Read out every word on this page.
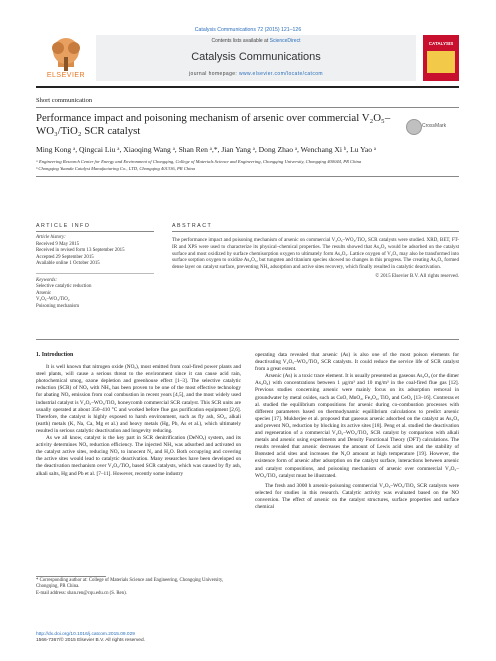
Catalysis Communications 72 (2015) 121–126
ELSEVIER
Contents lists available at ScienceDirect
Catalysis Communications
journal homepage: www.elsevier.com/locate/catcom
CATALYSIS
Short communication
Performance impact and poisoning mechanism of arsenic over commercial V₂O₅–WO₃/TiO₂ SCR catalyst	CrossMark
Ming Kong ᵃ, Qingcai Liu ᵃ, Xiaoqing Wang ᵃ, Shan Ren ᵃ,*, Jian Yang ᵃ, Dong Zhao ᵃ, Wenchang Xi ᵇ, Lu Yao ᵃ
ᵃ Engineering Research Center for Energy and Environment of Chongqing, College of Materials Science and Engineering, Chongqing University, Chongqing 400044, PR China
ᵇ Chongqing Yuanda Catalyst Manufacturing Co., LTD, Chongqing 401336, PR China
ARTICLE INFO	ABSTRACT

Article history:

Received 9 May 2015

Received in revised form 13 September 2015

Accepted 29 September 2015

Available online 1 October 2015

Keywords:

Selective catalytic reduction

Arsenic

V₂O₅–WO₃/TiO₂

Poisoning mechanism

The performance impact and poisoning mechanism of arsenic on commercial V₂O₅–WO₃/TiO₂ SCR catalysts were studied. XRD, BET, FT-IR and XPS were used to characterize its physical–chemical properties. The results showed that As₂O₃ would be adsorbed on the catalyst surface and most oxidized by surface chemisorption oxygen to ultimately form As₂O₅. Lattice oxygen of V₂O₅ may also be transformed into surface sorption oxygen to oxidize As₂O₃, but tungsten and titanium species showed no changes in this progress. The creating As₂O₅ formed dense layer on catalyst surface, preventing NH₃ adsorption and active sites recovery, which finally resulted in catalytic deactivation.

© 2015 Elsevier B.V. All rights reserved.

1. Introduction

It is well known that nitrogen oxide (NOₓ), most emitted from coal-fired power plants and steel plants, will cause a serious threat to the environment since it can cause acid rain, photochemical smog, ozone depletion and greenhouse effect [1–3]. The selective catalytic reduction (SCR) of NOₓ with NH₃ has been proven to be one of the most effective technology for abating NOₓ emission from coal combustion in recent years [4,5], and the most widely used industrial catalyst is V₂O₅–WO₃/TiO₂ honeycomb commercial SCR catalyst. This SCR units are usually operated at about 350–410 °C and worked before flue gas purification equipment [2,6]. Therefore, the catalyst is highly exposed to harsh environment, such as fly ash, SO₂, alkali (earth) metals (K, Na, Ca, Mg et al.) and heavy metals (Hg, Pb, As et al.), which ultimately resulted in serious catalytic deactivation and longevity reducing.

As we all know, catalyst is the key part in SCR denitrification (DeNOₓ) system, and its activity determines NOₓ reduction efficiency. The injected NH₃ was adsorbed and activated on the catalyst active sites, reducing NOₓ to innocent N₂ and H₂O. Both occupying and covering the active sites would lead to catalytic deactivation. Many researches have been developed on the deactivation mechanism over V₂O₅/TiO₂ based SCR catalysts, which was caused by fly ash, alkali salts, Hg and Pb et al. [7–11]. However, recently some industry

operating data revealed that arsenic (As) is also one of the most poison elements for deactivating V₂O₅–WO₃/TiO₂ SCR catalysts. It could reduce the service life of SCR catalyst from a great extent.

Arsenic (As) is a toxic trace element. It is usually presented as gaseous As₂O₃ (or the dimer As₄O₆) with concentrations between 1 μg/m³ and 10 mg/m³ in the coal-fired flue gas [12]. Previous studies concerning arsenic were mainly focus on its adsorption removal in groundwater by metal oxides, such as CuO, MnO₂, Fe₃O₄, TiO₂ and CeO₂ [13–16]. Contreras et al. studied the equilibrium compositions for arsenic during co-combustion processes with different parameters based on thermodynamic equilibrium calculations to predict arsenic species [17]. Mukherjee et al. proposed that gaseous arsenic adsorbed on the catalyst as As₂O₃ and prevent NOₓ reduction by blocking its active sites [18]. Peng et al. studied the deactivation and regeneration of a commercial V₂O₅–WO₃/TiO₂ SCR catalyst by comparison with alkali metals and arsenic using experiments and Density Functional Theory (DFT) calculations. The results revealed that arsenic decreases the amount of Lewis acid sites and the stability of Brønsted acid sites and increases the N₂O amount at high temperature [19]. However, the existence form of arsenic after adsorption on the catalyst surface, interactions between arsenic and catalyst compositions, and poisoning mechanism of arsenic over commercial V₂O₅–WO₃/TiO₂ catalyst must be illustrated.

The fresh and 3000 h arsenic-poisoning commercial V₂O₅–WO₃/TiO₂ SCR catalysts were selected for studies in this research. Catalytic activity was evaluated based on the NO conversion. The effect of arsenic on the catalyst structures, surface properties and surface chemical

* Corresponding author at: College of Materials Science and Engineering, Chongqing University, Chongqing, PR China.

E-mail address: shan.ren@cqu.edu.cn (S. Ren).

http://dx.doi.org/10.1016/j.catcom.2015.09.029

1566-7367/© 2015 Elsevier B.V. All rights reserved.
